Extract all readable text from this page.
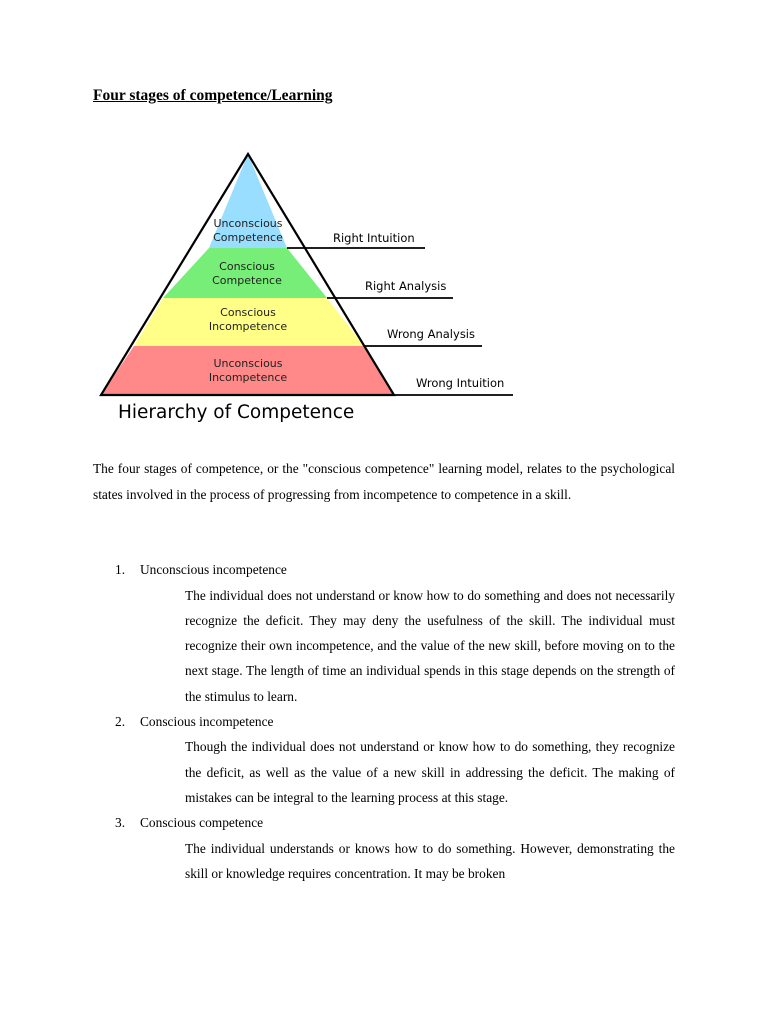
Four stages of competence/Learning
Unconscious
Competence
Conscious
Competence
Conscious
Incompetence
Unconscious
Incompetence
Right Intuition
Right Analysis
Wrong Analysis
Wrong Intuition
Hierarchy of Competence

The four stages of competence, or the "conscious competence" learning model, relates to the psychological states involved in the process of progressing from incompetence to competence in a skill.

1. Unconscious incompetence

The individual does not understand or know how to do something and does not necessarily recognize the deficit. They may deny the usefulness of the skill. The individual must recognize their own incompetence, and the value of the new skill, before moving on to the next stage. The length of time an individual spends in this stage depends on the strength of the stimulus to learn.

2. Conscious incompetence

Though the individual does not understand or know how to do something, they recognize the deficit, as well as the value of a new skill in addressing the deficit. The making of mistakes can be integral to the learning process at this stage.

3. Conscious competence

The individual understands or knows how to do something. However, demonstrating the skill or knowledge requires concentration. It may be broken
